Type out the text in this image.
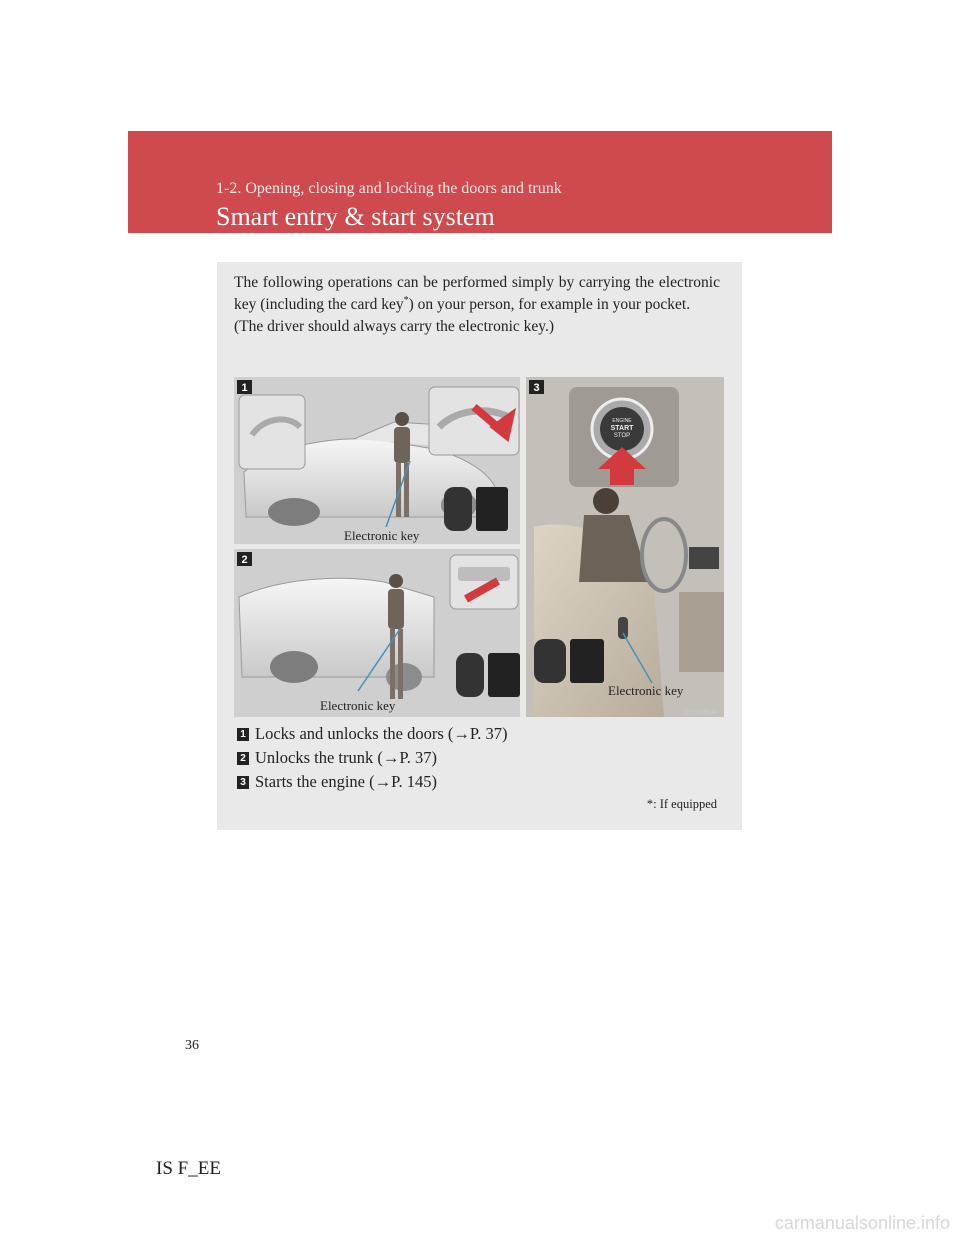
1-2. Opening, closing and locking the doors and trunk
Smart entry & start system
The following operations can be performed simply by carrying the electronic key (including the card key*) on your person, for example in your pocket.
(The driver should always carry the electronic key.)
ENGINE
START
STOP
1
2
3
Electronic key
Electronic key
Electronic key
CLY12AB244
1 Locks and unlocks the doors (→P. 37)
2 Unlocks the trunk (→P. 37)
3 Starts the engine (→P. 145)
*: If equipped
36
IS F_EE
carmanualsonline.info
